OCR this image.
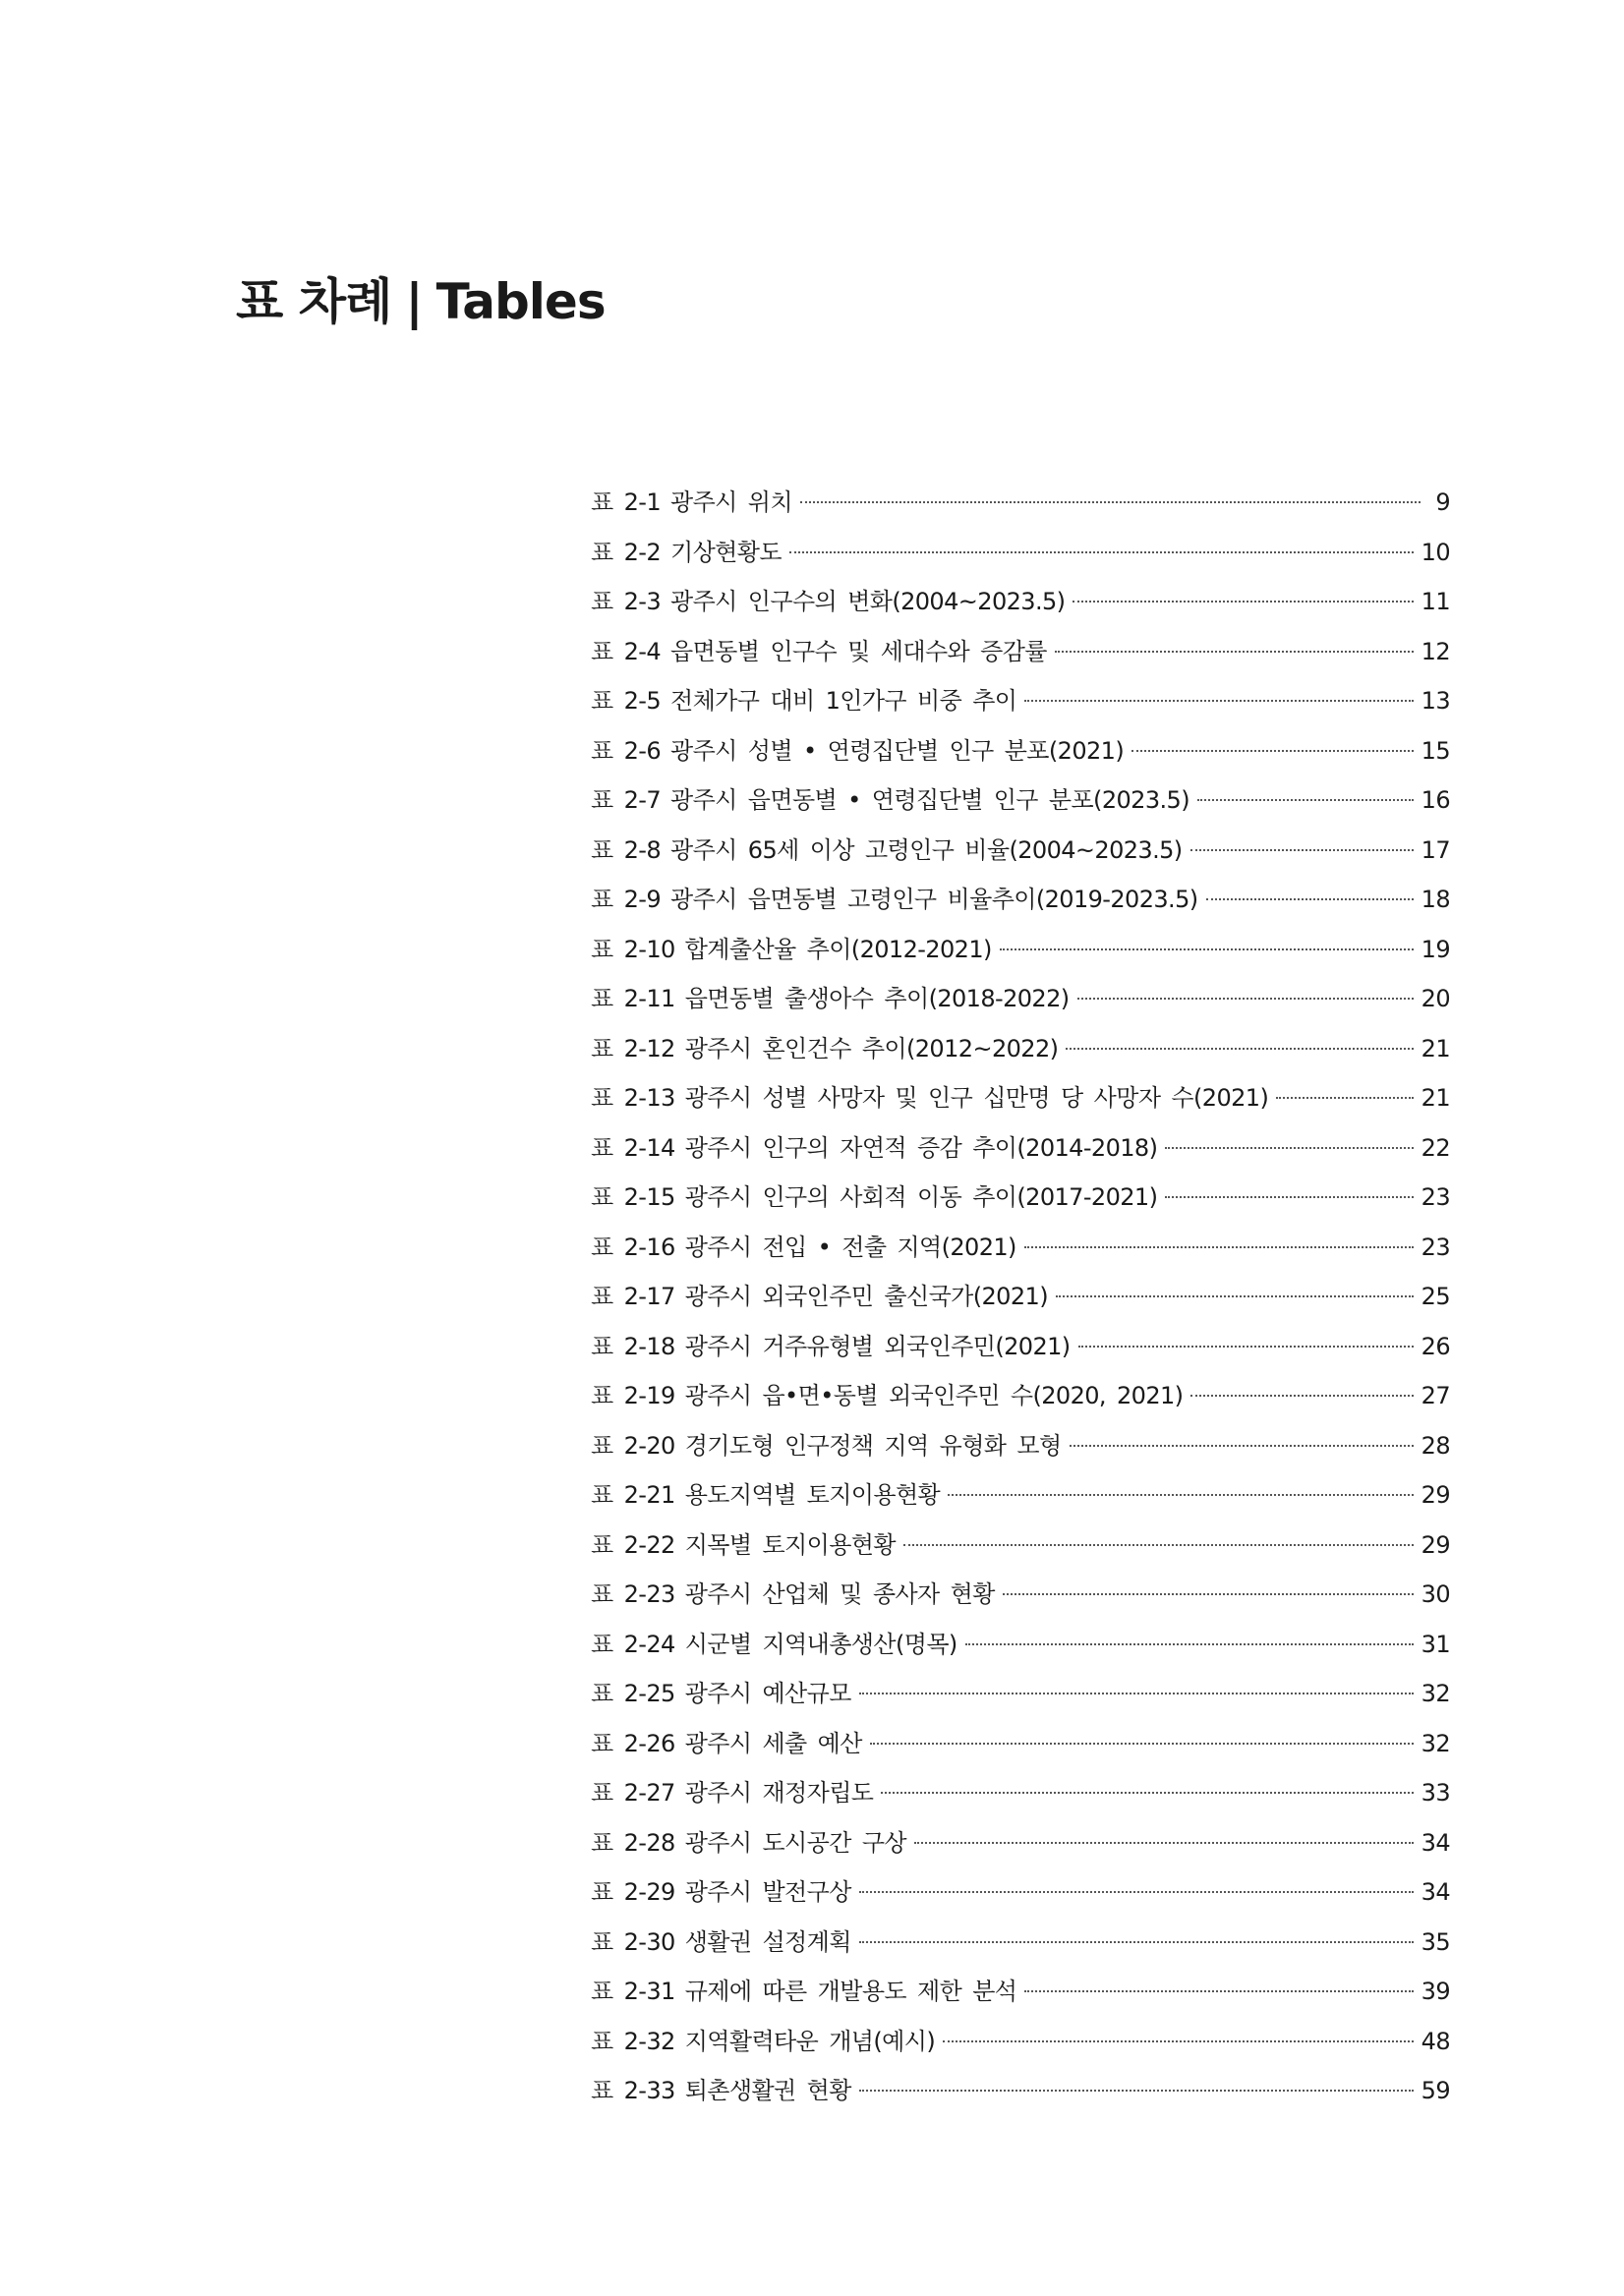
표 차례 | Tables
표 2-1 광주시 위치	9
표 2-2 기상현황도	10
표 2-3 광주시 인구수의 변화(2004~2023.5)	11
표 2-4 읍면동별 인구수 및 세대수와 증감률	12
표 2-5 전체가구 대비 1인가구 비중 추이	13
표 2-6 광주시 성별 • 연령집단별 인구 분포(2021)	15
표 2-7 광주시 읍면동별 • 연령집단별 인구 분포(2023.5)	16
표 2-8 광주시 65세 이상 고령인구 비율(2004~2023.5)	17
표 2-9 광주시 읍면동별 고령인구 비율추이(2019-2023.5)	18
표 2-10 합계출산율 추이(2012-2021)	19
표 2-11 읍면동별 출생아수 추이(2018-2022)	20
표 2-12 광주시 혼인건수 추이(2012~2022)	21
표 2-13 광주시 성별 사망자 및 인구 십만명 당 사망자 수(2021)	21
표 2-14 광주시 인구의 자연적 증감 추이(2014-2018)	22
표 2-15 광주시 인구의 사회적 이동 추이(2017-2021)	23
표 2-16 광주시 전입 • 전출 지역(2021)	23
표 2-17 광주시 외국인주민 출신국가(2021)	25
표 2-18 광주시 거주유형별 외국인주민(2021)	26
표 2-19 광주시 읍•면•동별 외국인주민 수(2020, 2021)	27
표 2-20 경기도형 인구정책 지역 유형화 모형	28
표 2-21 용도지역별 토지이용현황	29
표 2-22 지목별 토지이용현황	29
표 2-23 광주시 산업체 및 종사자 현황	30
표 2-24 시군별 지역내총생산(명목)	31
표 2-25 광주시 예산규모	32
표 2-26 광주시 세출 예산	32
표 2-27 광주시 재정자립도	33
표 2-28 광주시 도시공간 구상	34
표 2-29 광주시 발전구상	34
표 2-30 생활권 설정계획	35
표 2-31 규제에 따른 개발용도 제한 분석	39
표 2-32 지역활력타운 개념(예시)	48
표 2-33 퇴촌생활권 현황	59
